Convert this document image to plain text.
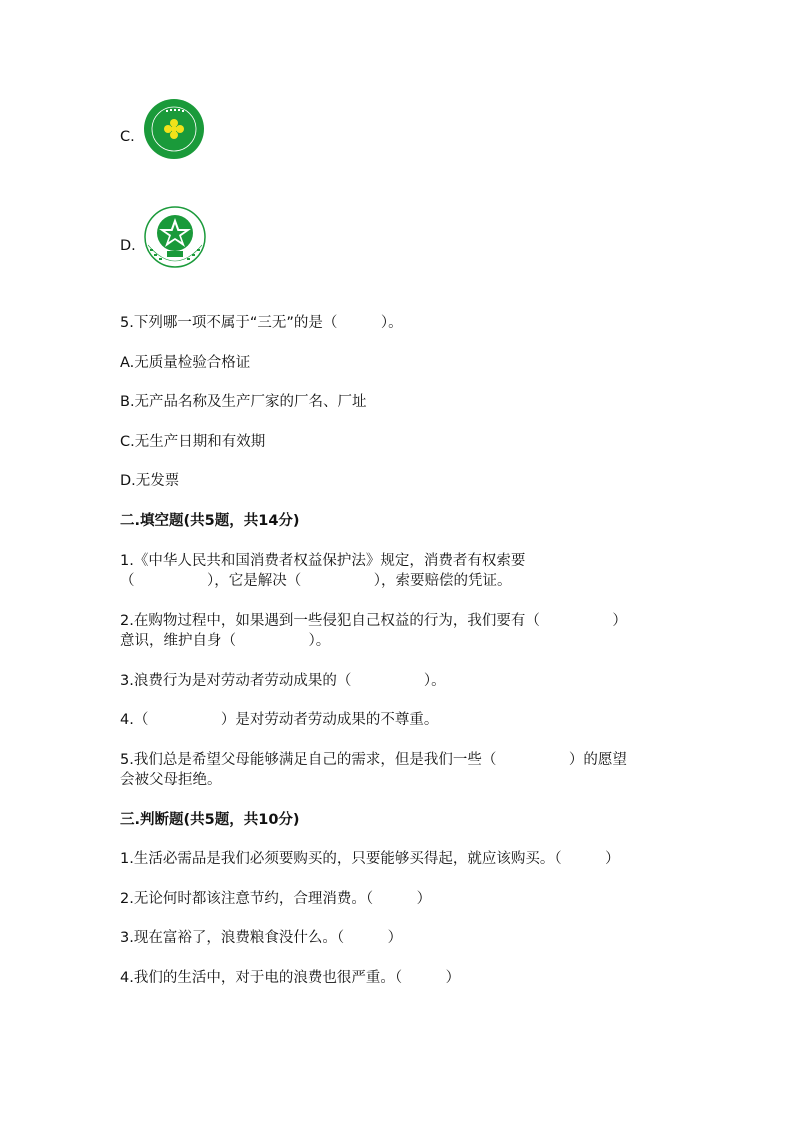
C.
D.
5.下列哪一项不属于“三无”的是（　　　）。
A.无质量检验合格证
B.无产品名称及生产厂家的厂名、厂址
C.无生产日期和有效期
D.无发票
二.填空题(共5题，共14分)
1.《中华人民共和国消费者权益保护法》规定，消费者有权索要
（　　　　　），它是解决（　　　　　），索要赔偿的凭证。
2.在购物过程中，如果遇到一些侵犯自己权益的行为，我们要有（　　　　　）
意识，维护自身（　　　　　）。
3.浪费行为是对劳动者劳动成果的（　　　　　）。
4.（　　　　　）是对劳动者劳动成果的不尊重。
5.我们总是希望父母能够满足自己的需求，但是我们一些（　　　　　）的愿望
会被父母拒绝。
三.判断题(共5题，共10分)
1.生活必需品是我们必须要购买的，只要能够买得起，就应该购买。（　　　）
2.无论何时都该注意节约，合理消费。（　　　）
3.现在富裕了，浪费粮食没什么。（　　　）
4.我们的生活中，对于电的浪费也很严重。（　　　）
